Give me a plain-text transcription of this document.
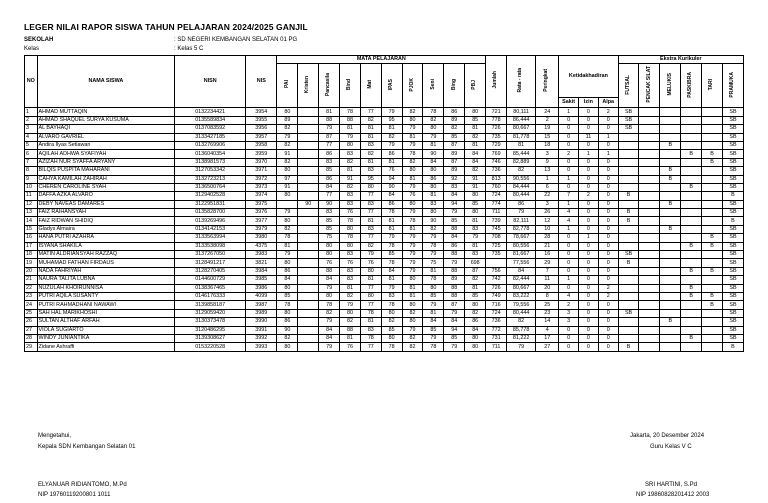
LEGER NILAI RAPOR SISWA TAHUN PELAJARAN 2024/2025 GANJIL
SEKOLAH	: SD NEGERI KEMBANGAN SELATAN 01 PG
Kelas	: Kelas 5 C
NO	NAMA SISWA	NISN	NIS	MATA PELAJARAN										Jumlah	Rata - rata	Peringkat	Ketidakhadiran			Ekstra Kurikuler					
				PAI	Kristen	Pancasila	Bind	Mat	IPAS	PJOK	Seni	Bing	PBJ							FUTSAL	PENCAK SILAT	MELUKIS	PASKIBRA	TARI	PRAMUKA
																	Sakit	Izin	Alpa						
1	AHMAD MUTTAQIN	0132234421	3954	80		81	78	77	79	82	78	86	80	721	80,111	24	1	0	2	SB					SB
2	AHMAD SHAQUEL SURYA KUSUMA	0135589834	3955	89		88	88	82	95	80	82	89	85	778	86,444	2	0	0	0	SB					SB
3	AL BAYHAQI	0137083592	3956	82		79	81	81	81	79	80	82	81	726	80,667	19	0	0	0	SB					SB
4	ALVARO GAVRIEL	3133427185	3957	79		87	79	81	82	81	79	85	82	735	81,778	15	0	11	1						SB
5	Andira Ilyas Setiawan	0132769906	3958	82		77	80	83	79	79	81	87	81	729	81	18	0	0	0			B			SB
6	AQILAH ADHWA SYAFIYAH	0136040354	3959	91		86	83	82	86	78	90	89	84	769	85,444	3	2	1	1				B	B	SB
7	AZIZAH NUR SYAFFA ARYANY	3138981573	3970	82		83	82	81	81	82	84	87	84	746	82,889	9	0	0	0					B	SB
8	BILQIS PUSPITA MAHARANI	3127053342	3971	80		85	81	83	76	80	80	89	82	736	82	13	0	0	0			B			SB
9	CAHYA KAMILAH ZAHIRAH	3132723213	3972	97		86	91	95	94	81	86	92	91	813	90,556	1	1	0	0			B			SB
10	CHEREN CAROLINE SYAH	3136500764	3973	91		84	82	80	90	79	80	83	91	760	84,444	6	0	0	0				B		SB
11	DAFFA AZKA ALVARO	3129402528	3974	80		77	83	77	84	76	81	84	80	724	80,444	22	7	2	0	B					B
12	DEBY NAVEAS DAMARES	3122951831	3975		90	90	83	83	86	80	83	94	85	774	86	3	1	0	0			B			SB
13	FAIZ RAIHANSYAH	0135828700	3976	79		83	76	77	78	79	80	79	80	711	79	26	4	0	0	B					SB
14	FAIZ RIDWAN SHIDIQ	0139269496	3977	80		85	78	81	81	78	90	85	81	739	82,111	12	4	0	0	B					B
15	Gladys Almaira	0134142153	3979	82		85	80	83	81	81	82	88	83	745	82,778	10	1	0	0			B			SB
16	HANA PUTRI AZAHRA	3133563994	3980	78		75	78	77	79	79	79	84	79	708	78,667	28	0	1	0					B	SB
17	ISYANA SHAKILA	3133538098	4375	81		80	80	82	78	79	78	86	81	725	80,556	21	0	0	0				B	B	SB
18	MATIN ALDRIANSYAH RAZZAQ	3137267050	3983	79		80	83	79	85	79	79	88	83	735	81,667	16	0	0	0	SB					SB
19	MUHAMAD FATHAN FIRDAUS	3128491217	3821	80		76	76	76	78	79	75	79	698		77,556	29	0	0	0	B					SB
20	NADA FAHRIYAH	3128270405	3984	86		88	83	80	84	79	81	88	87	756	84	7	0	0	0				B	B	SB
21	NAURA TALITA LUBNA	0144600729	3985	84		84	83	81	81	80	78	89	82	742	82,444	11	1	0	0						SB
22	NUZULAH KHOIRUNNISA	0138367465	3986	80		79	81	77	79	81	80	88	81	726	80,667	20	0	0	2				B		SB
23	PUTRI AQILA SUSANTY	0146176333	4099	85		80	82	80	83	81	85	88	85	749	83,222	8	4	0	2				B	B	SB
24	PUTRI RAHMADHANI NAWAWI	3139858187	3987	78		78	79	77	78	80	79	87	80	716	79,556	25	2	0	0					B	SB
25	SAH HAL MARIKHOSHI	3129059420	3989	80		82	80	78	80	82	81	79	82	724	80,444	23	3	0	0	SB					SB
26	SULTAN ALTHAF ARFAH	3130373478	3990	86		79	82	81	82	80	84	84	86	736	82	14	3	0	0			B			SB
27	VIOLA SUGIARTO	3120486295	3991	90		84	88	83	85	79	85	94	84	772	85,778	4	0	0	0						SB
28	WINDY JUNIANTIKA	3139308627	3992	82		84	81	78	80	82	79	85	80	731	81,222	17	0	0	0				B		SB
29	Zidane Ashraffi	0153220528	3993	80		79	76	77	78	82	78	79	80	711	79	27	0	0	0	B					B
Mengetahui,
Kepala SDN Kembangan Selatan 01
Jakarta, 20 Desember 2024
Guru Kelas V C
ELYANUAR RIDIANTOMO, M.Pd
NIP 19760119200801 1011
SRI HARTINI, S.Pd
NIP 19860828201412 2003
